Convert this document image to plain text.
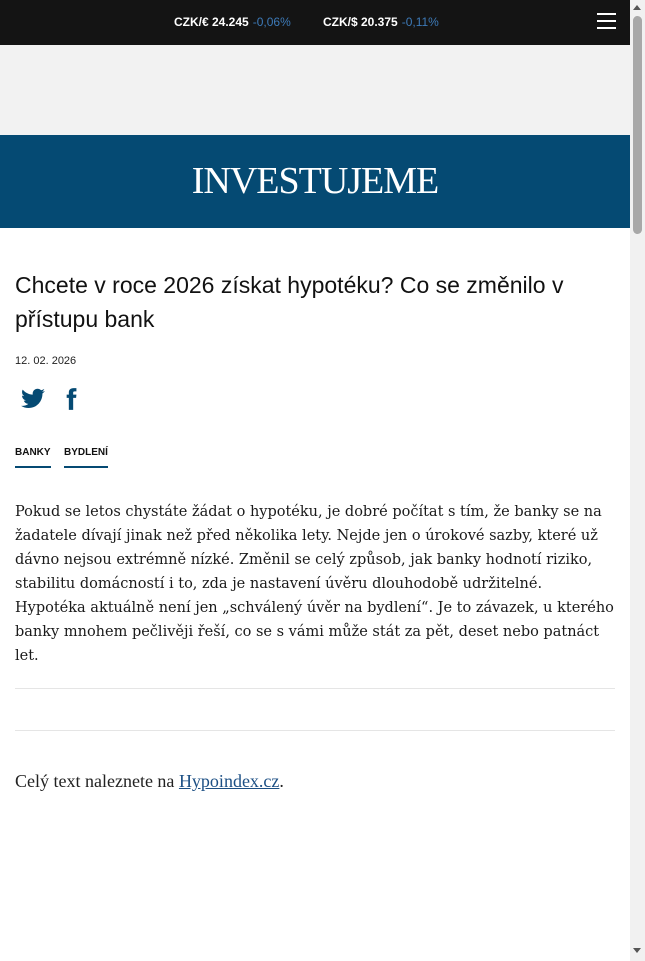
CZK/€ 24.245 -0,06%	CZK/$ 20.375 -0,11%
INVESTUJEME
Chcete v roce 2026 získat hypotéku? Co se změnilo v přístupu bank
12. 02. 2026
BANKY BYDLENÍ

Pokud se letos chystáte žádat o hypotéku, je dobré počítat s tím, že banky se na žadatele dívají jinak než před několika lety. Nejde jen o úrokové sazby, které už dávno nejsou extrémně nízké. Změnil se celý způsob, jak banky hodnotí riziko, stabilitu domácností i to, zda je nastavení úvěru dlouhodobě udržitelné. Hypotéka aktuálně není jen „schválený úvěr na bydlení“. Je to závazek, u kterého banky mnohem pečlivěji řeší, co se s vámi může stát za pět, deset nebo patnáct let.

Celý text naleznete na Hypoindex.cz.
